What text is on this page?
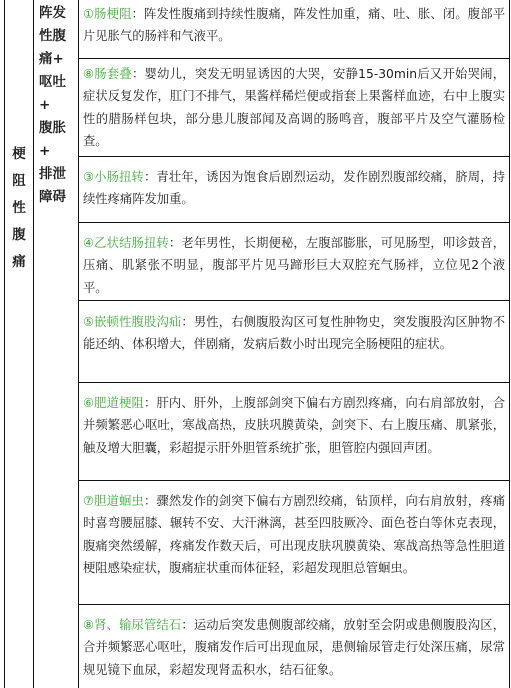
梗
阻
性
腹
痛
阵发
性腹
痛+
呕吐
+
腹胀
+
排泄
障碍
①肠梗阻：阵发性腹痛到持续性腹痛，阵发性加重，痛、吐、胀、闭。腹部平片见胀气的肠袢和气液平。
⑧肠套叠：婴幼儿，突发无明显诱因的大哭，安静15-30min后又开始哭闹，症状反复发作，肛门不排气，果酱样稀烂便或指套上果酱样血迹，右中上腹实性的腊肠样包块，部分患儿腹部闻及高调的肠鸣音，腹部平片及空气灌肠检查。
③小肠扭转：青壮年，诱因为饱食后剧烈运动，发作剧烈腹部绞痛，脐周，持续性疼痛阵发加重。
④乙状结肠扭转：老年男性，长期便秘，左腹部膨胀，可见肠型，叩诊鼓音，压痛、肌紧张不明显，腹部平片见马蹄形巨大双腔充气肠袢，立位见2个液平。
⑤嵌顿性腹股沟疝：男性，右侧腹股沟区可复性肿物史，突发腹股沟区肿物不能还纳、体积增大，伴剧痛，发病后数小时出现完全肠梗阻的症状。
⑥肥道梗阻：肝内、肝外，上腹部剑突下偏右方剧烈疼痛，向右肩部放射，合并频繁恶心呕吐，寒战高热，皮肤巩膜黄染，剑突下、右上腹压痛、肌紧张，触及增大胆囊，彩超提示肝外胆管系统扩张，胆管腔内强回声团。
⑦胆道蛔虫：骤然发作的剑突下偏右方剧烈绞痛，钻顶样，向右肩放射，疼痛时喜弯腰屈膝、辗转不安、大汗淋漓，甚至四肢厥冷、面色苍白等休克表现，腹痛突然缓解，疼痛发作数天后，可出现皮肤巩膜黄染、寒战高热等急性胆道梗阻感染症状，腹痛症状重而体征轻，彩超发现胆总管蛔虫。
⑧肾、输尿管结石：运动后突发患侧腹部绞痛，放射至会阴或患侧腹股沟区，合并频繁恶心呕吐，腹痛发作后可出现血尿，患侧输尿管走行处深压痛，尿常规见镜下血尿，彩超发现肾盂积水，结石征象。
